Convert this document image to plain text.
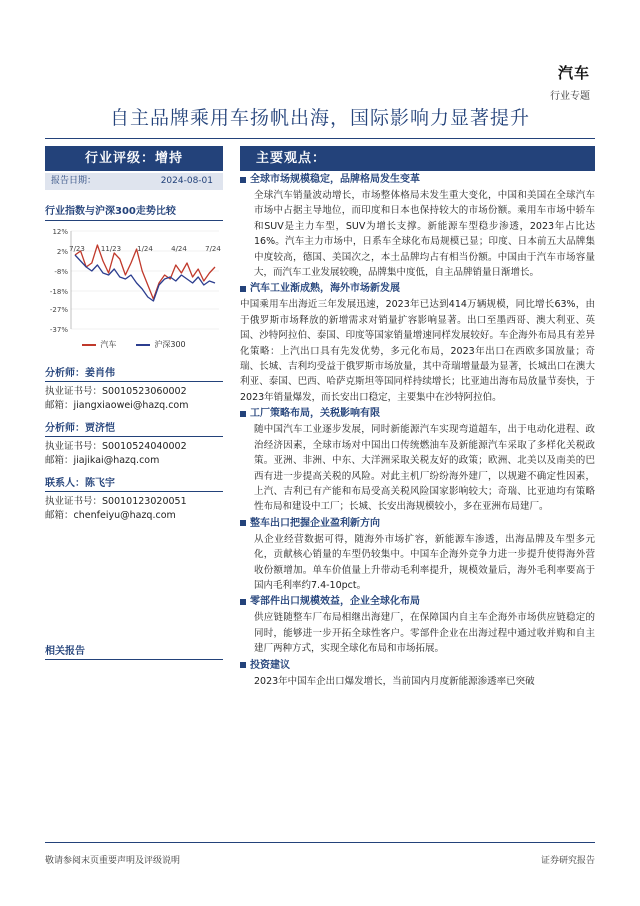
汽车
行业专题
自主品牌乘用车扬帆出海，国际影响力显著提升
行业评级：增持
报告日期：	2024-08-01
行业指数与沪深300走势比较
12%
2%
-8%
-18%
-27%
-37%
7/23 11/23 1/24	4/24	7/24
汽车	沪深300
分析师：姜肖伟
执业证书号：S0010523060002
邮箱：jiangxiaowei@hazq.com
分析师：贾济恺
执业证书号：S0010524040002
邮箱：jiajikai@hazq.com
联系人：陈飞宇
执业证书号：S0010123020051
邮箱：chenfeiyu@hazq.com
相关报告
主要观点：
全球市场规模稳定，品牌格局发生变革
全球汽车销量波动增长，市场整体格局未发生重大变化，中国和美国在全球汽车市场中占据主导地位，而印度和日本也保持较大的市场份额。乘用车市场中轿车和SUV是主力车型，SUV为增长支撑。新能源车型稳步渗透，2023年占比达16%。汽车主力市场中，日系车全球化布局规模已显；印度、日本前五大品牌集中度较高，德国、美国次之，本土品牌均占有相当份额。中国由于汽车市场容量大，而汽车工业发展较晚，品牌集中度低，自主品牌销量日渐增长。
汽车工业渐成熟，海外市场新发展
中国乘用车出海近三年发展迅速，2023年已达到414万辆规模，同比增长63%，由于俄罗斯市场释放的新增需求对销量扩容影响显著。出口至墨西哥、澳大利亚、英国、沙特阿拉伯、泰国、印度等国家销量增速同样发展较好。车企海外布局具有差异化策略：上汽出口具有先发优势，多元化布局，2023年出口在西欧多国放量；奇瑞、长城、吉利均受益于俄罗斯市场放量，其中奇瑞增量最为显著，长城出口在澳大利亚、泰国、巴西、哈萨克斯坦等国同样持续增长；比亚迪出海布局放量节奏快，于2023年销量爆发，而长安出口稳定，主要集中在沙特阿拉伯。
工厂策略布局，关税影响有限
随中国汽车工业逐步发展，同时新能源汽车实现弯道超车，出于电动化进程、政治经济因素，全球市场对中国出口传统燃油车及新能源汽车采取了多样化关税政策。亚洲、非洲、中东、大洋洲采取关税友好的政策；欧洲、北美以及南美的巴西有进一步提高关税的风险。对此主机厂纷纷海外建厂，以规避不确定性因素，上汽、吉利已有产能和布局受高关税风险国家影响较大；奇瑞、比亚迪均有策略性布局和建设中工厂；长城、长安出海规模较小，多在亚洲布局建厂。
整车出口把握企业盈利新方向
从企业经营数据可得，随海外市场扩容，新能源车渗透，出海品牌及车型多元化，贡献核心销量的车型仍较集中。中国车企海外竞争力进一步提升使得海外营收份额增加。单车价值量上升带动毛利率提升，规模效量后，海外毛利率要高于国内毛利率约7.4-10pct。
零部件出口规模效益，企业全球化布局
供应链随整车厂布局相继出海建厂，在保障国内自主车企海外市场供应链稳定的同时，能够进一步开拓全球性客户。零部件企业在出海过程中通过收并购和自主建厂两种方式，实现全球化布局和市场拓展。
投资建议
2023年中国车企出口爆发增长，当前国内月度新能源渗透率已突破
敬请参阅末页重要声明及评级说明	证券研究报告
